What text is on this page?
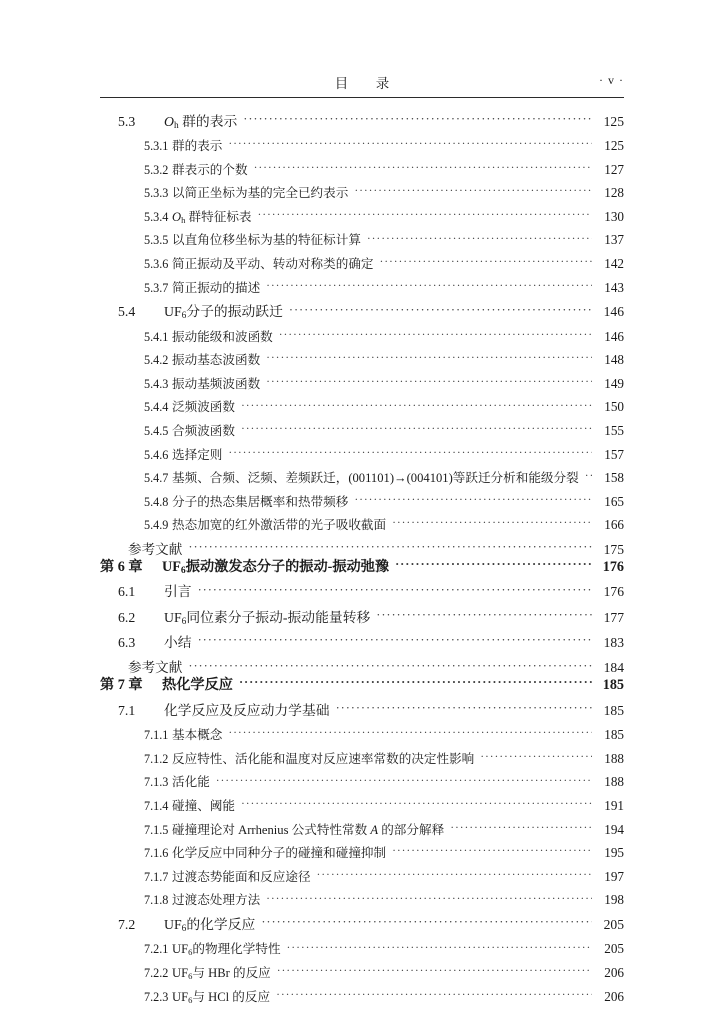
目　录	· v ·
5.3	$O_h$ 群的表示 ·····	125
5.3.1 群的表示 ·····	125
5.3.2 群表示的个数 ·····	127
5.3.3 以简正坐标为基的完全已约表示 ·····	128
5.3.4 $O_h$ 群特征标表 ·····	130
5.3.5 以直角位移坐标为基的特征标计算 ·····	137
5.3.6 简正振动及平动、转动对称类的确定 ·····	142
5.3.7 简正振动的描述 ·····	143
5.4	$UF_6$分子的振动跃迁 ·····	146
5.4.1 振动能级和波函数 ·····	146
5.4.2 振动基态波函数 ·····	148
5.4.3 振动基频波函数 ·····	149
5.4.4 泛频波函数 ·····	150
5.4.5 合频波函数 ·····	155
5.4.6 选择定则 ·····	157
5.4.7 基频、合频、泛频、差频跃迁，(001101)→(004101)等跃迁分析和能级分裂 ·····	158
5.4.8 分子的热态集居概率和热带频移 ·····	165
5.4.9 热态加宽的红外激活带的光子吸收截面 ·····	166
参考文献 ·····	175
第 6 章	$UF_6$振动激发态分子的振动-振动弛豫 ·····	176
6.1	引言 ·····	176
6.2	$UF_6$同位素分子振动-振动能量转移 ·····	177
6.3	小结 ·····	183
参考文献 ·····	184
第 7 章	热化学反应 ·····	185
7.1	化学反应及反应动力学基础 ·····	185
7.1.1 基本概念 ·····	185
7.1.2 反应特性、活化能和温度对反应速率常数的决定性影响 ·····	188
7.1.3 活化能 ·····	188
7.1.4 碰撞、阈能 ·····	191
7.1.5 碰撞理论对 Arrhenius 公式特性常数 A 的部分解释 ·····	194
7.1.6 化学反应中同种分子的碰撞和碰撞抑制 ·····	195
7.1.7 过渡态势能面和反应途径 ·····	197
7.1.8 过渡态处理方法 ·····	198
7.2	$UF_6$的化学反应 ·····	205
7.2.1 $UF_6$的物理化学特性 ·····	205
7.2.2 $UF_6$与 HBr 的反应 ·····	206
7.2.3 $UF_6$与 HCl 的反应 ·····	206
